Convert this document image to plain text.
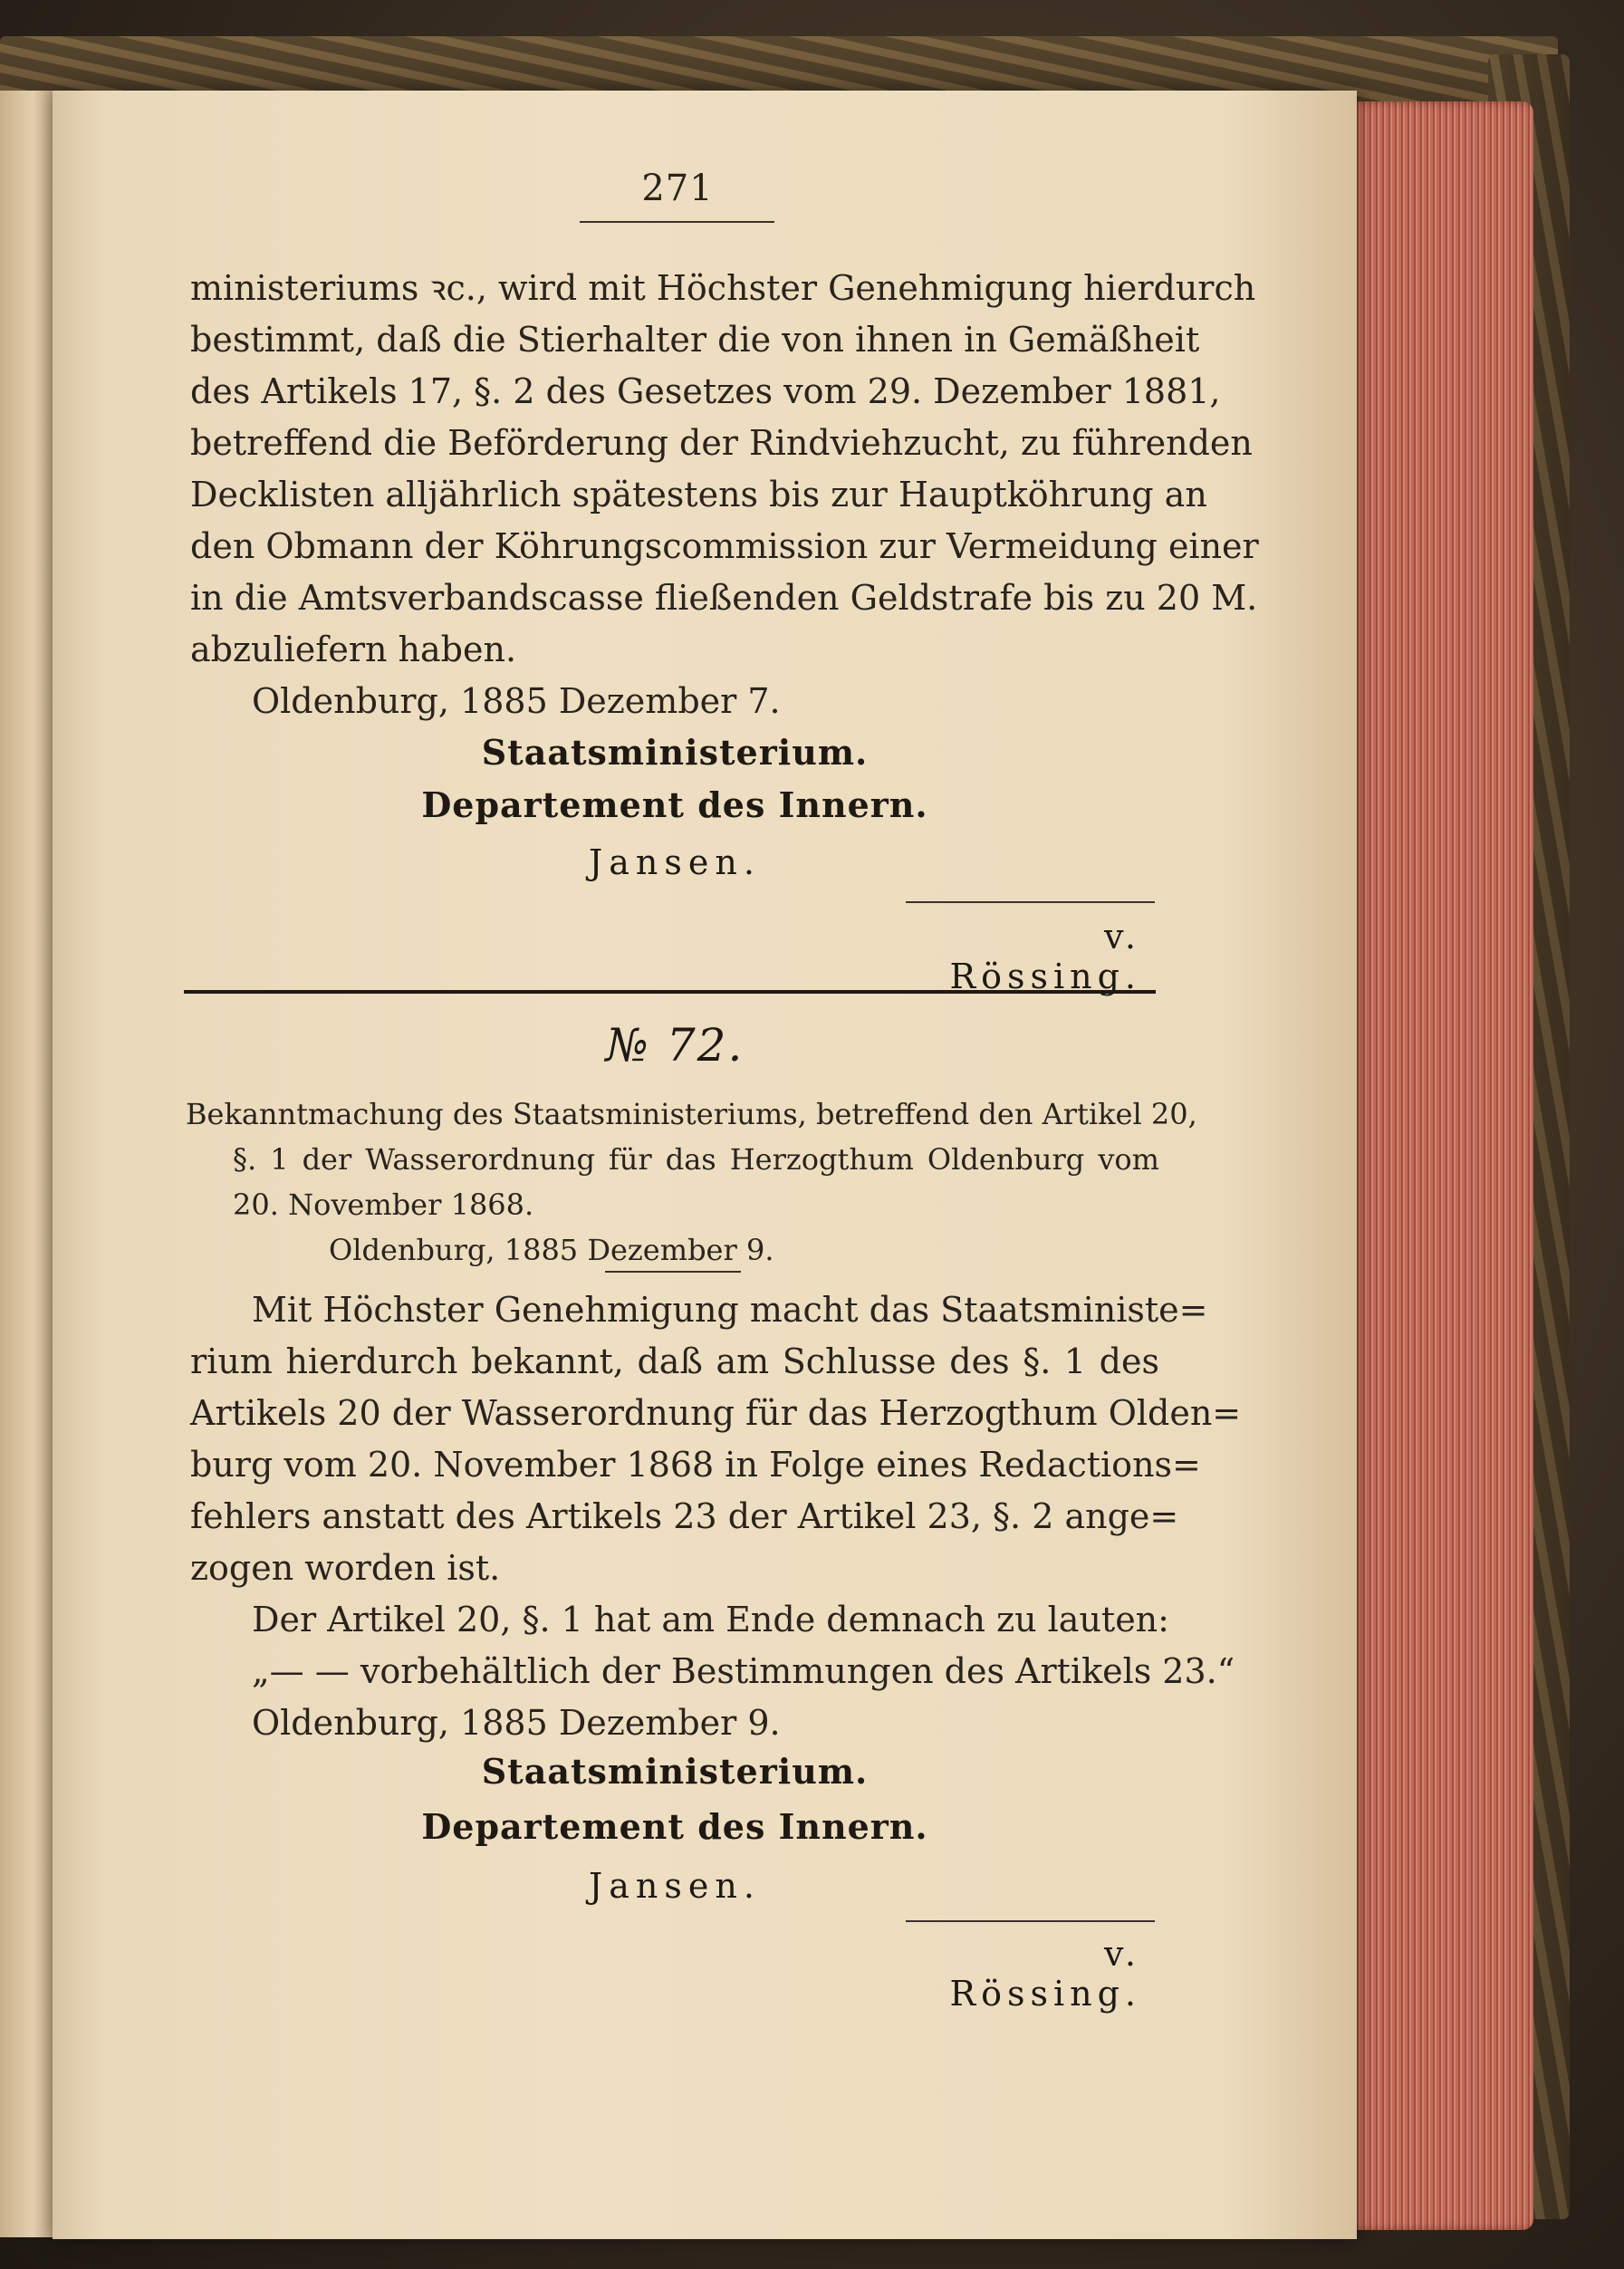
271
ministeriums ꝛc., wird mit Höchster Genehmigung hierdurch
bestimmt, daß die Stierhalter die von ihnen in Gemäßheit
des Artikels 17, §. 2 des Gesetzes vom 29. Dezember 1881,
betreffend die Beförderung der Rindviehzucht, zu führenden
Decklisten alljährlich spätestens bis zur Hauptköhrung an
den Obmann der Köhrungscommission zur Vermeidung einer
in die Amtsverbandscasse fließenden Geldstrafe bis zu 20 M.
abzuliefern haben.
Oldenburg, 1885 Dezember 7.
Staatsministerium.
Departement des Innern.
Jansen.
v. Rössing.
№ 72.
Bekanntmachung des Staatsministeriums, betreffend den Artikel 20,
§. 1 der Wasserordnung für das Herzogthum Oldenburg vom
20. November 1868.
Oldenburg, 1885 Dezember 9.
Mit Höchster Genehmigung macht das Staatsministe=
rium hierdurch bekannt, daß am Schlusse des §. 1 des
Artikels 20 der Wasserordnung für das Herzogthum Olden=
burg vom 20. November 1868 in Folge eines Redactions=
fehlers anstatt des Artikels 23 der Artikel 23, §. 2 ange=
zogen worden ist.
Der Artikel 20, §. 1 hat am Ende demnach zu lauten:
„— — vorbehältlich der Bestimmungen des Artikels 23.“
Oldenburg, 1885 Dezember 9.
Staatsministerium.
Departement des Innern.
Jansen.
v. Rössing.
